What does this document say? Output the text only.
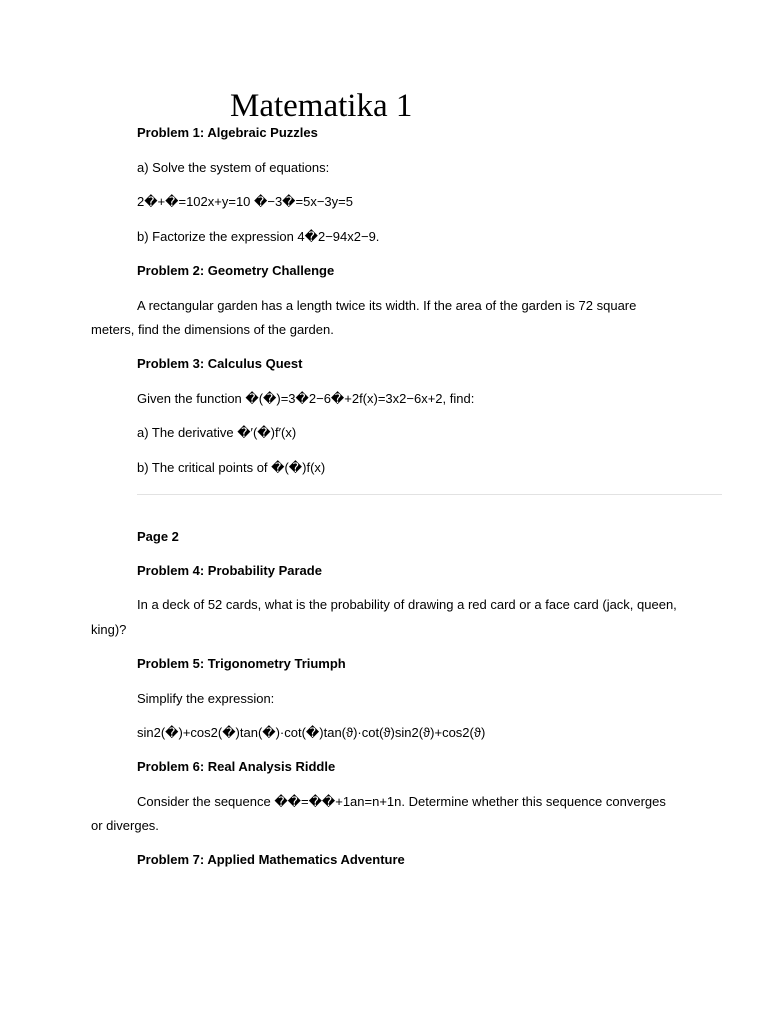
Matematika 1
Problem 1: Algebraic Puzzles
a) Solve the system of equations:
2�+�=102x+y=10 �−3�=5x−3y=5
b) Factorize the expression 4�2−94x2−9.
Problem 2: Geometry Challenge
A rectangular garden has a length twice its width. If the area of the garden is 72 square
meters, find the dimensions of the garden.
Problem 3: Calculus Quest
Given the function �(�)=3�2−6�+2f(x)=3x2−6x+2, find:
a) The derivative �′(�)f′(x)
b) The critical points of �(�)f(x)
Page 2
Problem 4: Probability Parade
In a deck of 52 cards, what is the probability of drawing a red card or a face card (jack, queen,
king)?
Problem 5: Trigonometry Triumph
Simplify the expression:
sin2(�)+cos2(�)tan(�)·cot(�)tan(ϑ)·cot(ϑ)sin2(ϑ)+cos2(ϑ)
Problem 6: Real Analysis Riddle
Consider the sequence ��=��+1an=n+1n. Determine whether this sequence converges
or diverges.
Problem 7: Applied Mathematics Adventure
